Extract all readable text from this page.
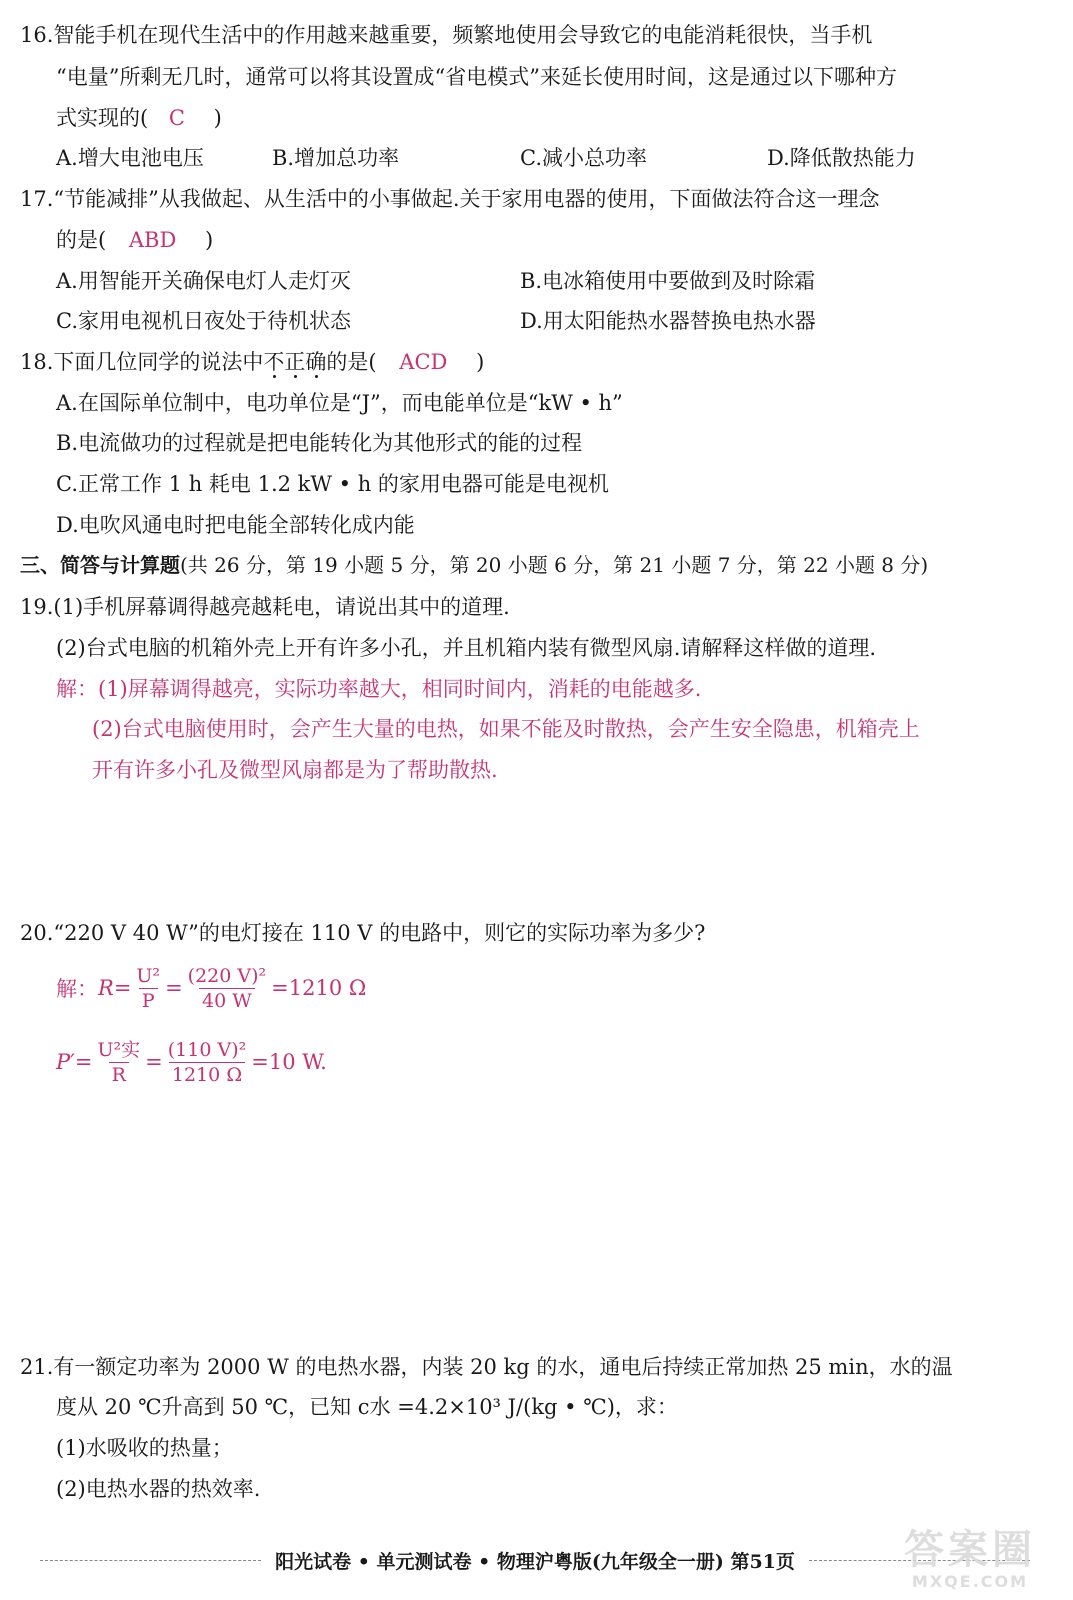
16.智能手机在现代生活中的作用越来越重要，频繁地使用会导致它的电能消耗很快，当手机
“电量”所剩无几时，通常可以将其设置成“省电模式”来延长使用时间，这是通过以下哪种方
式实现的( C )
A.增大电池电压	B.增加总功率	C.减小总功率	D.降低散热能力
17.“节能减排”从我做起、从生活中的小事做起.关于家用电器的使用，下面做法符合这一理念
的是( ABD )
A.用智能开关确保电灯人走灯灭	B.电冰箱使用中要做到及时除霜
C.家用电视机日夜处于待机状态	D.用太阳能热水器替换电热水器
18.下面几位同学的说法中不正确的是( ACD )
A.在国际单位制中，电功单位是“J”，而电能单位是“kW • h”
B.电流做功的过程就是把电能转化为其他形式的能的过程
C.正常工作 1 h 耗电 1.2 kW • h 的家用电器可能是电视机
D.电吹风通电时把电能全部转化成内能
三、简答与计算题(共 26 分，第 19 小题 5 分，第 20 小题 6 分，第 21 小题 7 分，第 22 小题 8 分)
19.(1)手机屏幕调得越亮越耗电，请说出其中的道理.
(2)台式电脑的机箱外壳上开有许多小孔，并且机箱内装有微型风扇.请解释这样做的道理.
解：(1)屏幕调得越亮，实际功率越大，相同时间内，消耗的电能越多.
(2)台式电脑使用时，会产生大量的电热，如果不能及时散热，会产生安全隐患，机箱壳上
开有许多小孔及微型风扇都是为了帮助散热.
20.“220 V 40 W”的电灯接在 110 V 的电路中，则它的实际功率为多少?
解： $R = \frac{\text{U²}}{P} = \frac{\text{(220 V)²}}{40 W} =1210$ Ω
$P' = \frac{\text{U²实}}{R} = \frac{\text{(110 V)²}}{1210 \Omega} =10$ W.
21.有一额定功率为 2000 W 的电热水器，内装 20 kg 的水，通电后持续正常加热 25 min，水的温
度从 20 ℃升高到 50 ℃，已知 c水 =4.2×10³ J/(kg • ℃)，求：
(1)水吸收的热量；
(2)电热水器的热效率.
阳光试卷 • 单元测试卷 • 物理沪粤版(九年级全一册) 第51页	答案圈
MXQE.COM
